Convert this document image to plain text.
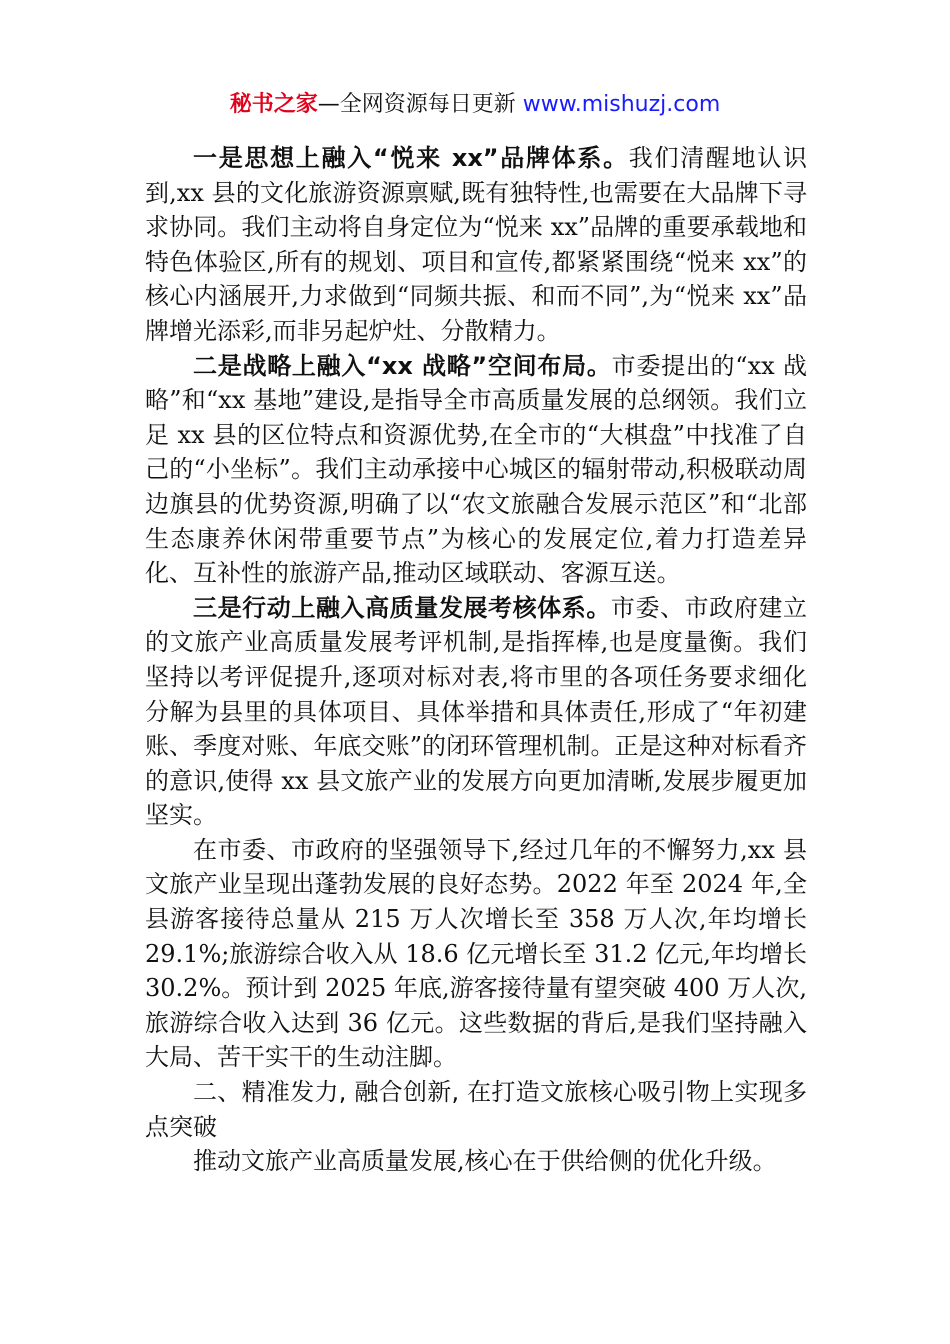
秘书之家—全网资源每日更新 www.mishuzj.com

一是思想上融入“悦来 xx”品牌体系。我们清醒地认识到,xx 县的文化旅游资源禀赋,既有独特性,也需要在大品牌下寻求协同。我们主动将自身定位为“悦来 xx”品牌的重要承载地和特色体验区,所有的规划、项目和宣传,都紧紧围绕“悦来 xx”的核心内涵展开,力求做到“同频共振、和而不同”,为“悦来 xx”品牌增光添彩,而非另起炉灶、分散精力。

二是战略上融入“xx 战略”空间布局。市委提出的“xx 战略”和“xx 基地”建设,是指导全市高质量发展的总纲领。我们立足 xx 县的区位特点和资源优势,在全市的“大棋盘”中找准了自己的“小坐标”。我们主动承接中心城区的辐射带动,积极联动周边旗县的优势资源,明确了以“农文旅融合发展示范区”和“北部生态康养休闲带重要节点”为核心的发展定位,着力打造差异化、互补性的旅游产品,推动区域联动、客源互送。

三是行动上融入高质量发展考核体系。市委、市政府建立的文旅产业高质量发展考评机制,是指挥棒,也是度量衡。我们坚持以考评促提升,逐项对标对表,将市里的各项任务要求细化分解为县里的具体项目、具体举措和具体责任,形成了“年初建账、季度对账、年底交账”的闭环管理机制。正是这种对标看齐的意识,使得 xx 县文旅产业的发展方向更加清晰,发展步履更加坚实。

在市委、市政府的坚强领导下,经过几年的不懈努力,xx 县文旅产业呈现出蓬勃发展的良好态势。2022 年至 2024 年,全县游客接待总量从 215 万人次增长至 358 万人次,年均增长 29.1%;旅游综合收入从 18.6 亿元增长至 31.2 亿元,年均增长 30.2%。预计到 2025 年底,游客接待量有望突破 400 万人次,旅游综合收入达到 36 亿元。这些数据的背后,是我们坚持融入大局、苦干实干的生动注脚。

二、精准发力, 融合创新, 在打造文旅核心吸引物上实现多点突破

推动文旅产业高质量发展,核心在于供给侧的优化升级。
